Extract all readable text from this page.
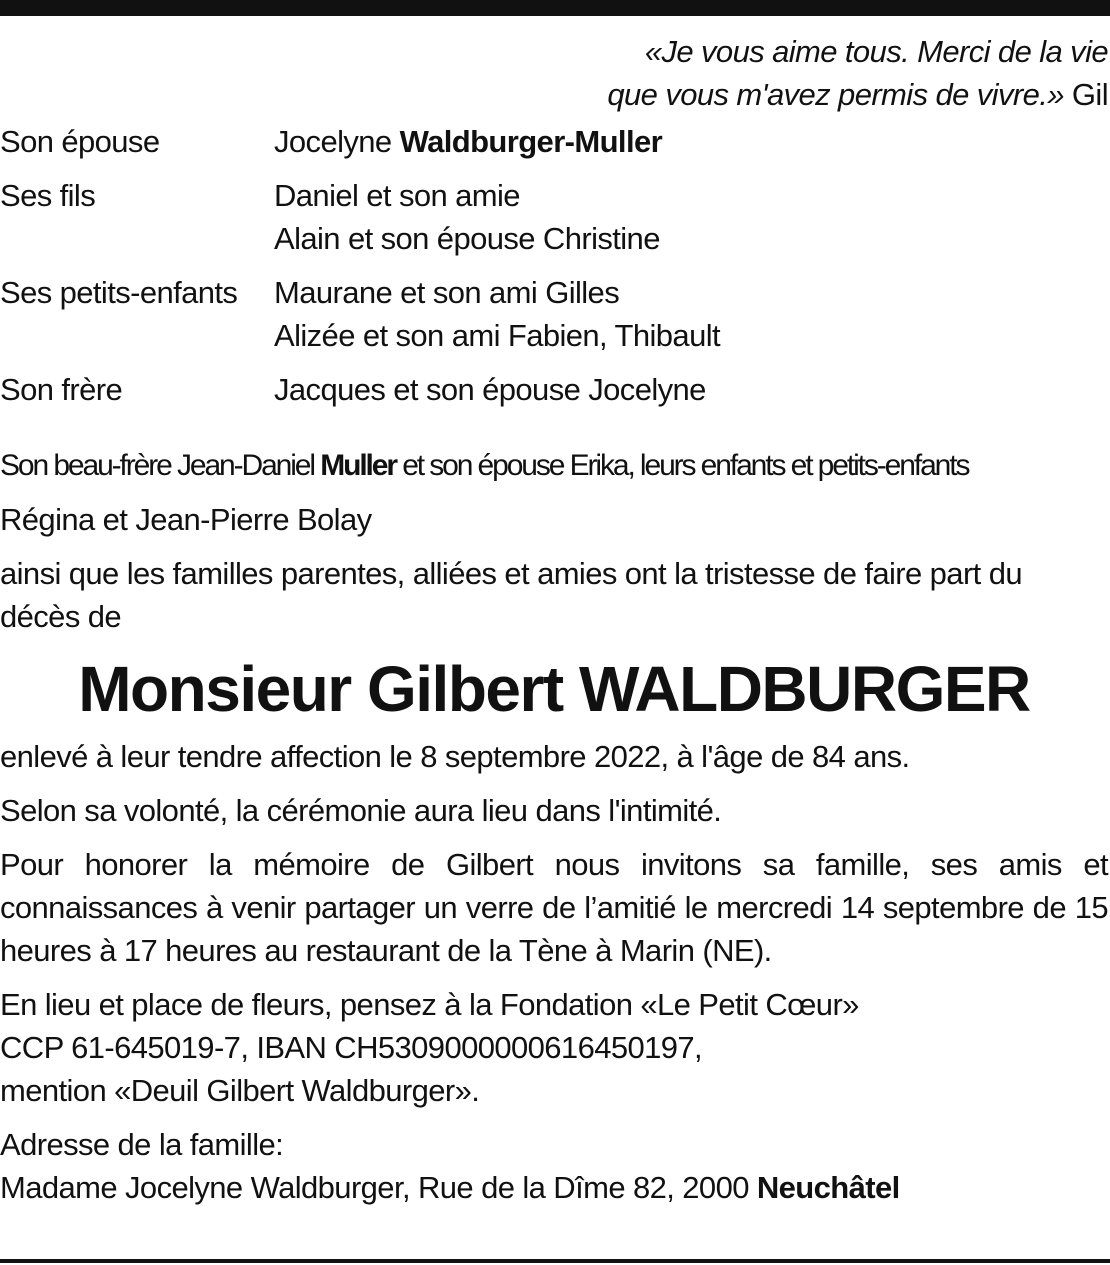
«Je vous aime tous. Merci de la vie
que vous m'avez permis de vivre.» Gil
Son épouse	Jocelyne Waldburger-Muller
Ses fils	Daniel et son amie
Alain et son épouse Christine
Ses petits-enfants	Maurane et son ami Gilles
Alizée et son ami Fabien, Thibault
Son frère	Jacques et son épouse Jocelyne
Son beau-frère Jean-Daniel Muller et son épouse Erika, leurs enfants et petits-enfants
Régina et Jean-Pierre Bolay
ainsi que les familles parentes, alliées et amies ont la tristesse de faire part du décès de
Monsieur Gilbert WALDBURGER
enlevé à leur tendre affection le 8 septembre 2022, à l'âge de 84 ans.
Selon sa volonté, la cérémonie aura lieu dans l'intimité.
Pour honorer la mémoire de Gilbert nous invitons sa famille, ses amis et connaissances à venir partager un verre de l’amitié le mercredi 14 septembre de 15 heures à 17 heures au restaurant de la Tène à Marin (NE).
En lieu et place de fleurs, pensez à la Fondation «Le Petit Cœur»
CCP 61-645019-7, IBAN CH5309000000616450197,
mention «Deuil Gilbert Waldburger».
Adresse de la famille:
Madame Jocelyne Waldburger, Rue de la Dîme 82, 2000 Neuchâtel
